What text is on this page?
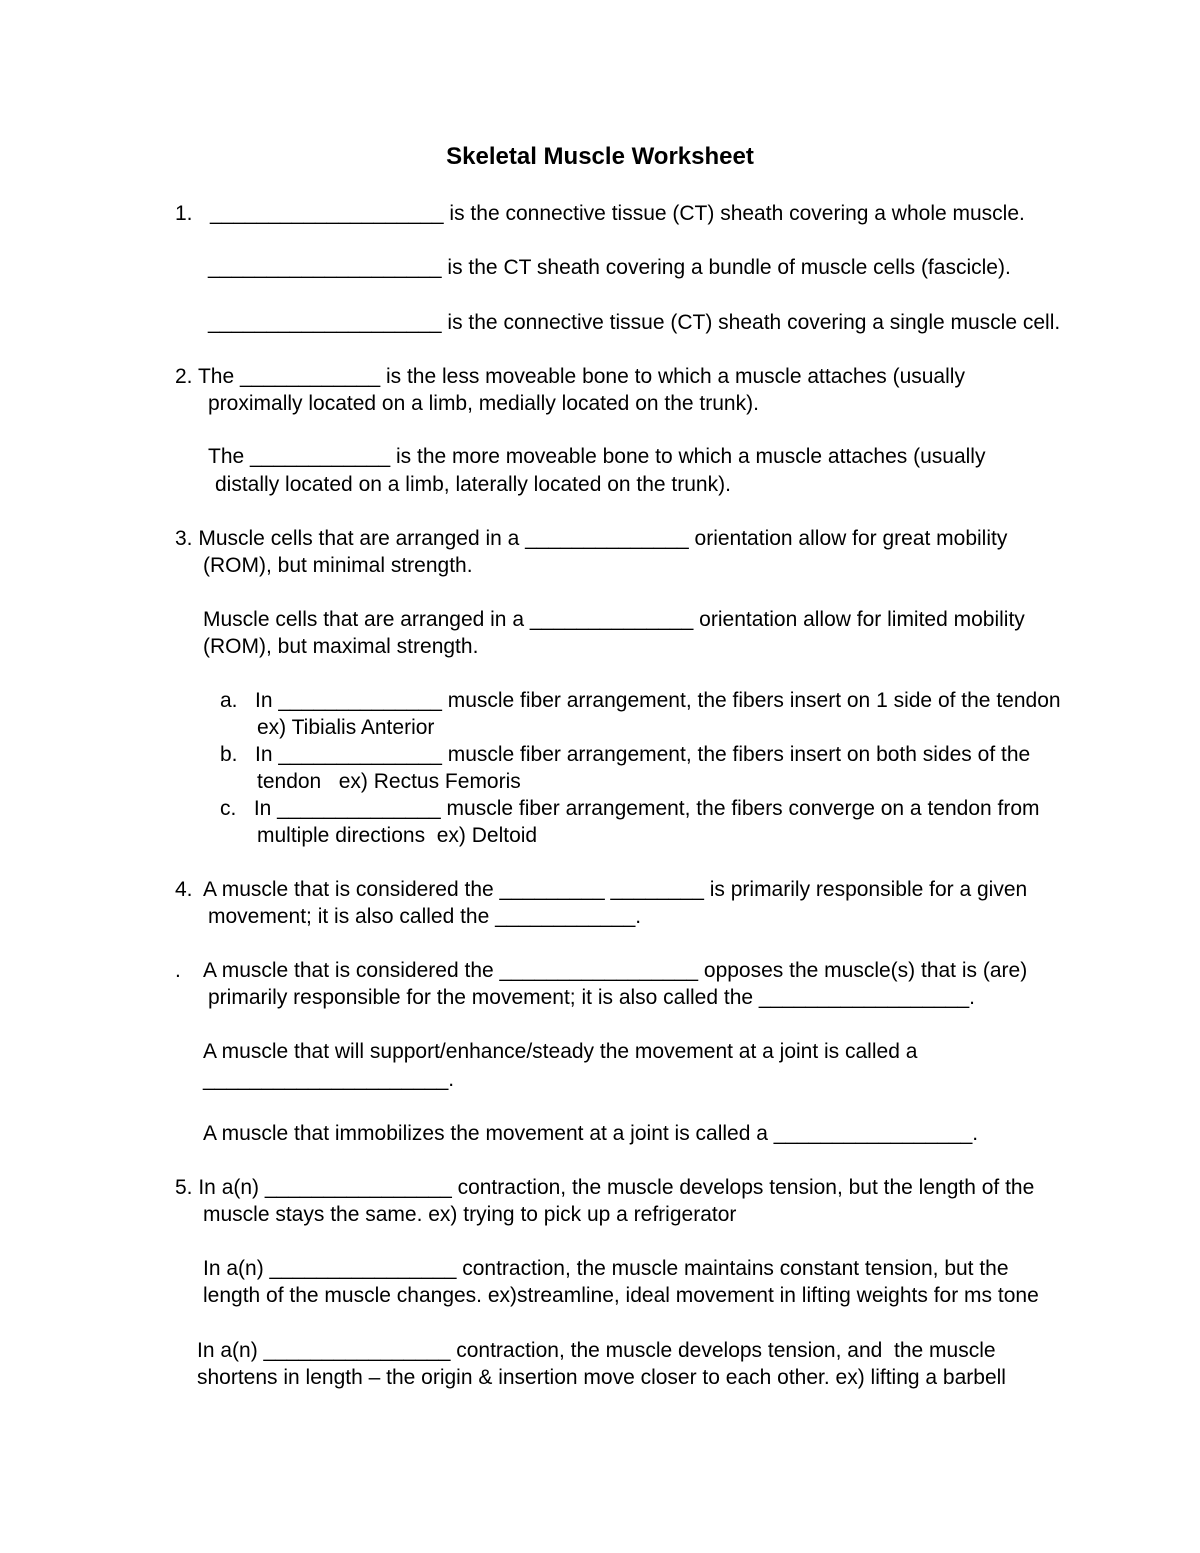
Skeletal Muscle Worksheet
1.   ____________________ is the connective tissue (CT) sheath covering a whole muscle.
____________________ is the CT sheath covering a bundle of muscle cells (fascicle).
____________________ is the connective tissue (CT) sheath covering a single muscle cell.
2. The ____________ is the less moveable bone to which a muscle attaches (usually
proximally located on a limb, medially located on the trunk).
The ____________ is the more moveable bone to which a muscle attaches (usually
distally located on a limb, laterally located on the trunk).
3. Muscle cells that are arranged in a ______________ orientation allow for great mobility
(ROM), but minimal strength.
Muscle cells that are arranged in a ______________ orientation allow for limited mobility
(ROM), but maximal strength.
a.   In ______________ muscle fiber arrangement, the fibers insert on 1 side of the tendon
ex) Tibialis Anterior
b.   In ______________ muscle fiber arrangement, the fibers insert on both sides of the
tendon   ex) Rectus Femoris
c.   In ______________ muscle fiber arrangement, the fibers converge on a tendon from
multiple directions  ex) Deltoid
4.  A muscle that is considered the _________ ________ is primarily responsible for a given
movement; it is also called the ____________.
.    A muscle that is considered the _________________ opposes the muscle(s) that is (are)
primarily responsible for the movement; it is also called the __________________.
A muscle that will support/enhance/steady the movement at a joint is called a
_____________________.
A muscle that immobilizes the movement at a joint is called a _________________.
5. In a(n) ________________ contraction, the muscle develops tension, but the length of the
muscle stays the same. ex) trying to pick up a refrigerator
In a(n) ________________ contraction, the muscle maintains constant tension, but the
length of the muscle changes. ex)streamline, ideal movement in lifting weights for ms tone
In a(n) ________________ contraction, the muscle develops tension, and  the muscle
shortens in length – the origin & insertion move closer to each other. ex) lifting a barbell
